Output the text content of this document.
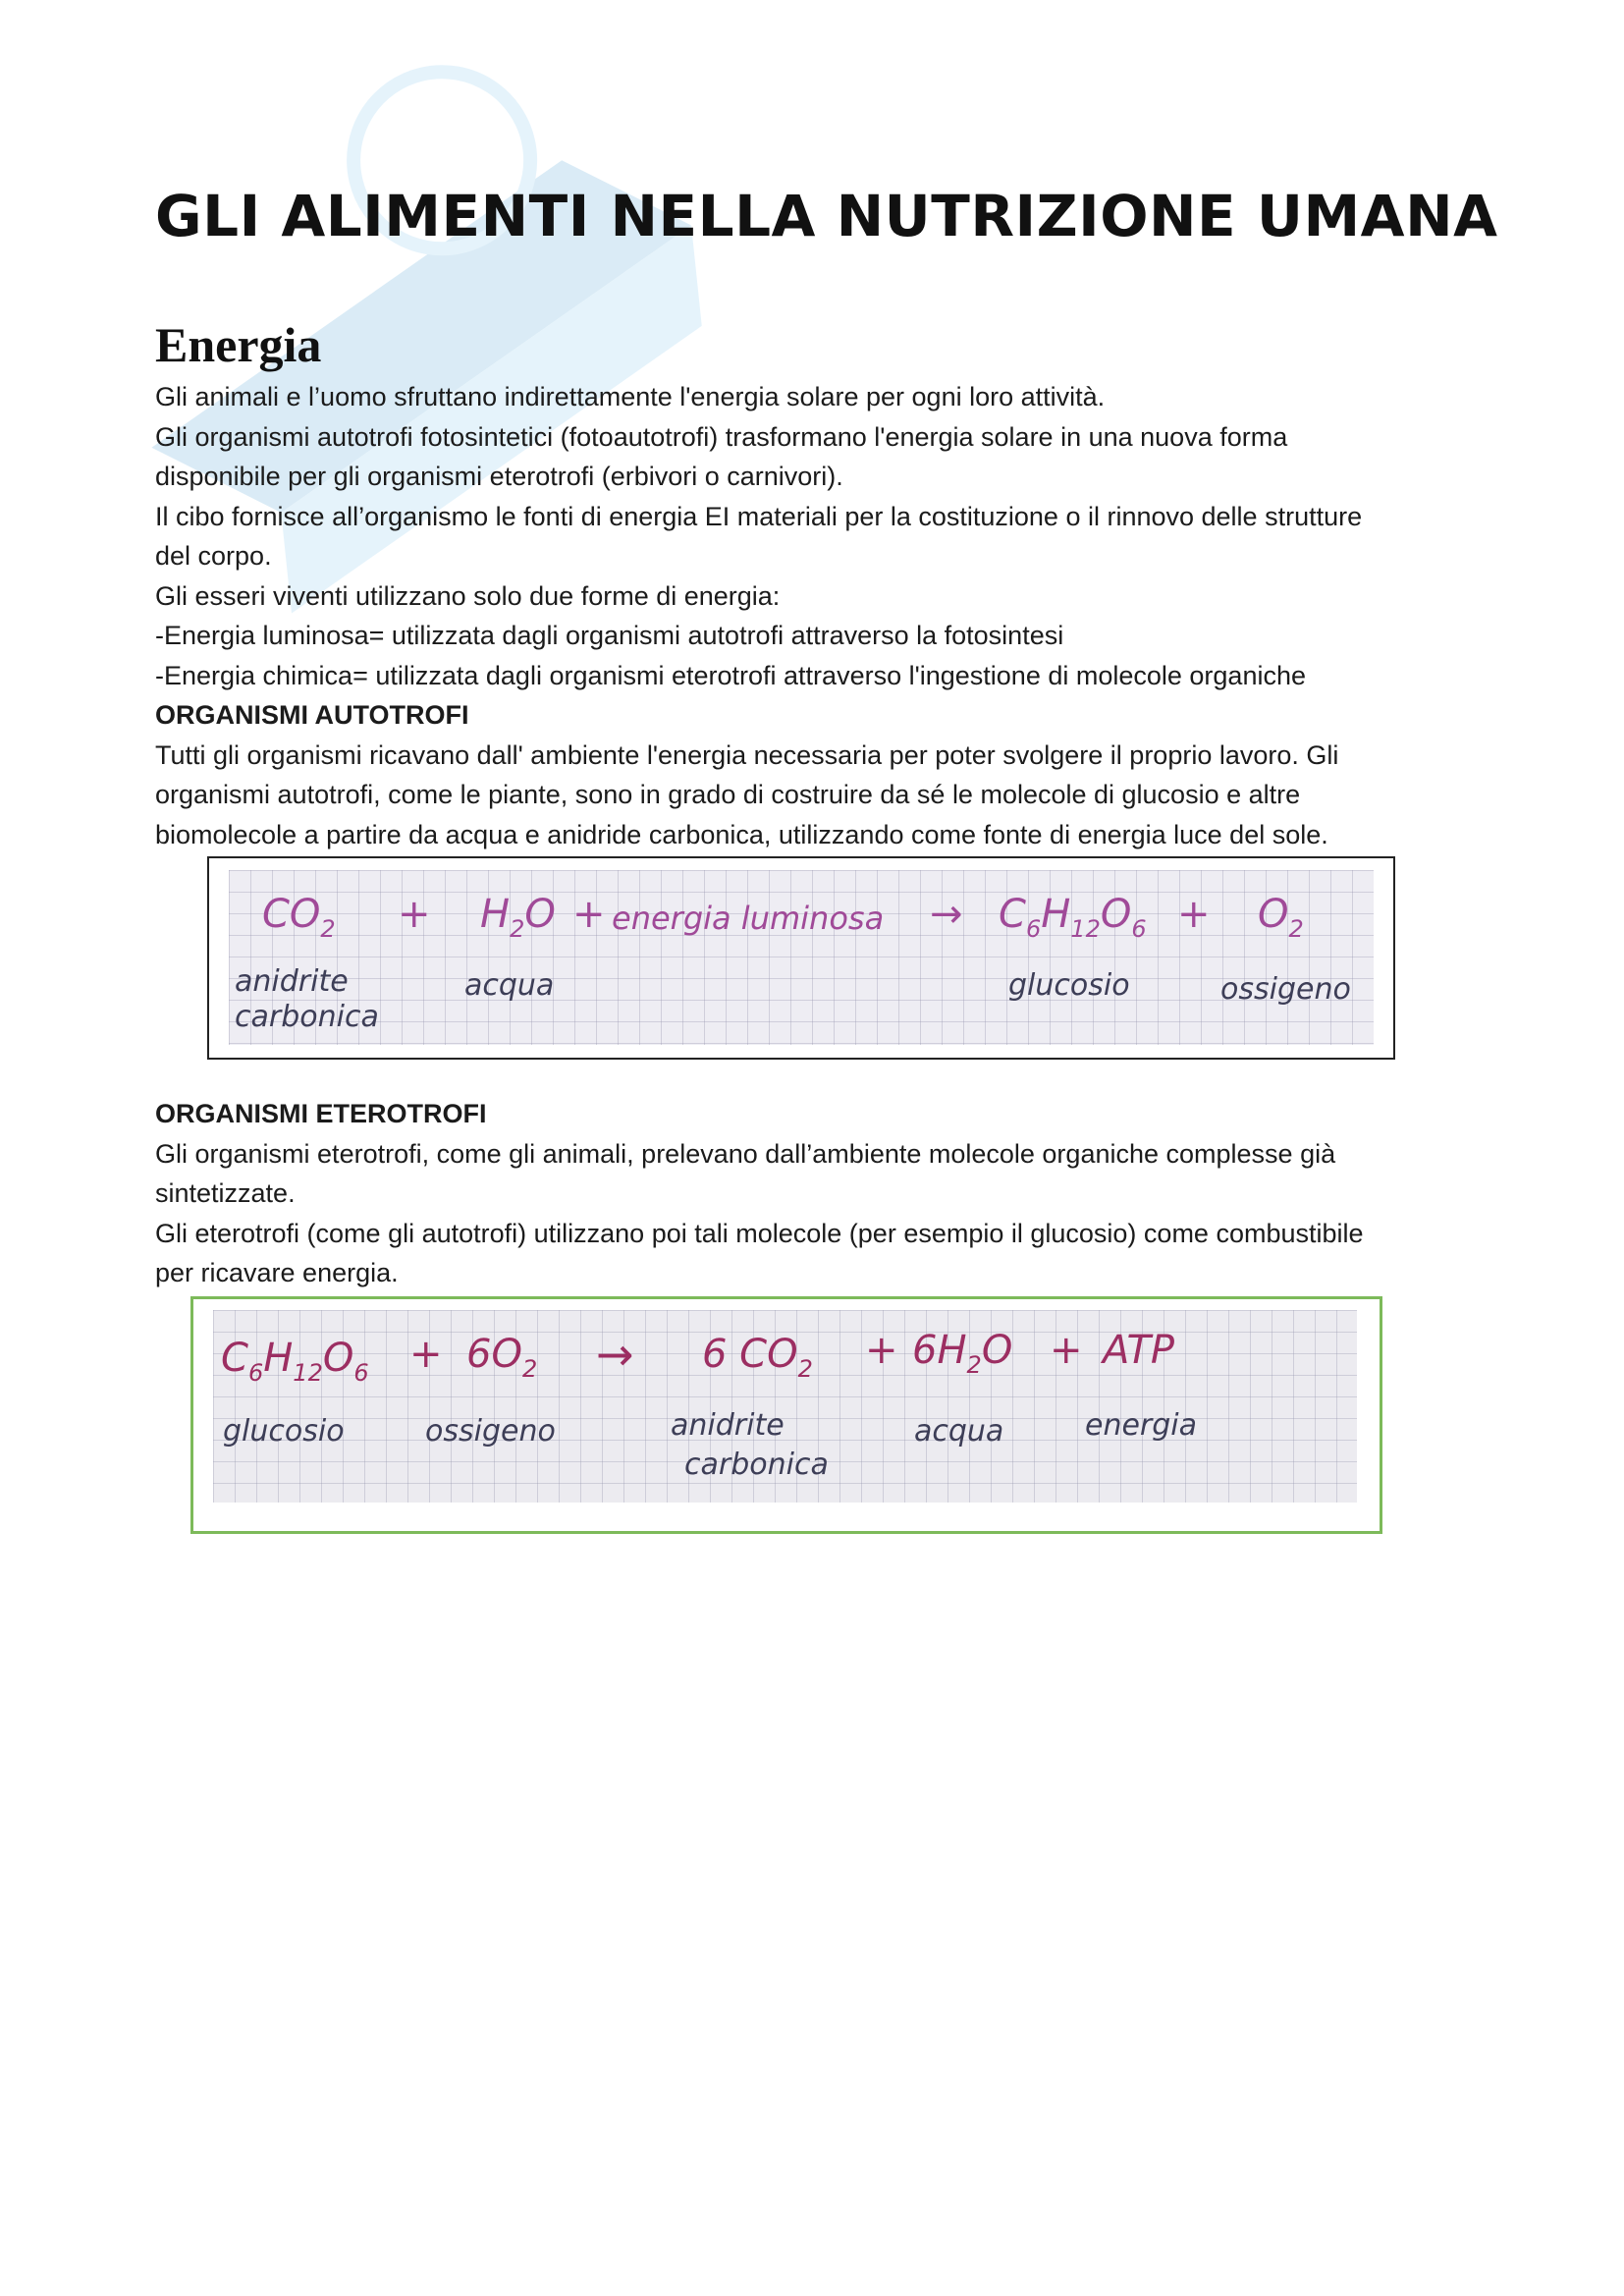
GLI ALIMENTI NELLA NUTRIZIONE UMANA
Energia
Gli animali e l’uomo sfruttano indirettamente l'energia solare per ogni loro attività.
Gli organismi autotrofi fotosintetici (fotoautotrofi) trasformano l'energia solare in una nuova forma
disponibile per gli organismi eterotrofi (erbivori o carnivori).
Il cibo fornisce all’organismo le fonti di energia EI materiali per la costituzione o il rinnovo delle strutture
del corpo.
Gli esseri viventi utilizzano solo due forme di energia:
-Energia luminosa= utilizzata dagli organismi autotrofi attraverso la fotosintesi
-Energia chimica= utilizzata dagli organismi eterotrofi attraverso l'ingestione di molecole organiche
ORGANISMI AUTOTROFI
Tutti gli organismi ricavano dall' ambiente l'energia necessaria per poter svolgere il proprio lavoro. Gli
organismi autotrofi, come le piante, sono in grado di costruire da sé le molecole di glucosio e altre
biomolecole a partire da acqua e anidride carbonica, utilizzando come fonte di energia luce del sole.
$CO_2 + H_2O$ + energia luminosa → $C_6H_{12}O_6 + O_2$
anidrite
carbonica
acqua	glucosio	ossigeno
ORGANISMI ETEROTROFI
Gli organismi eterotrofi, come gli animali, prelevano dall’ambiente molecole organiche complesse già
sintetizzate.
Gli eterotrofi (come gli autotrofi) utilizzano poi tali molecole (per esempio il glucosio) come combustibile
per ricavare energia.
$C_6H_{12}O_6 + 6O_2 \to 6$ $CO_2 + 6H_2O$ + ATP
glucosio	ossigeno	anidrite
carbonica
acqua	energia
